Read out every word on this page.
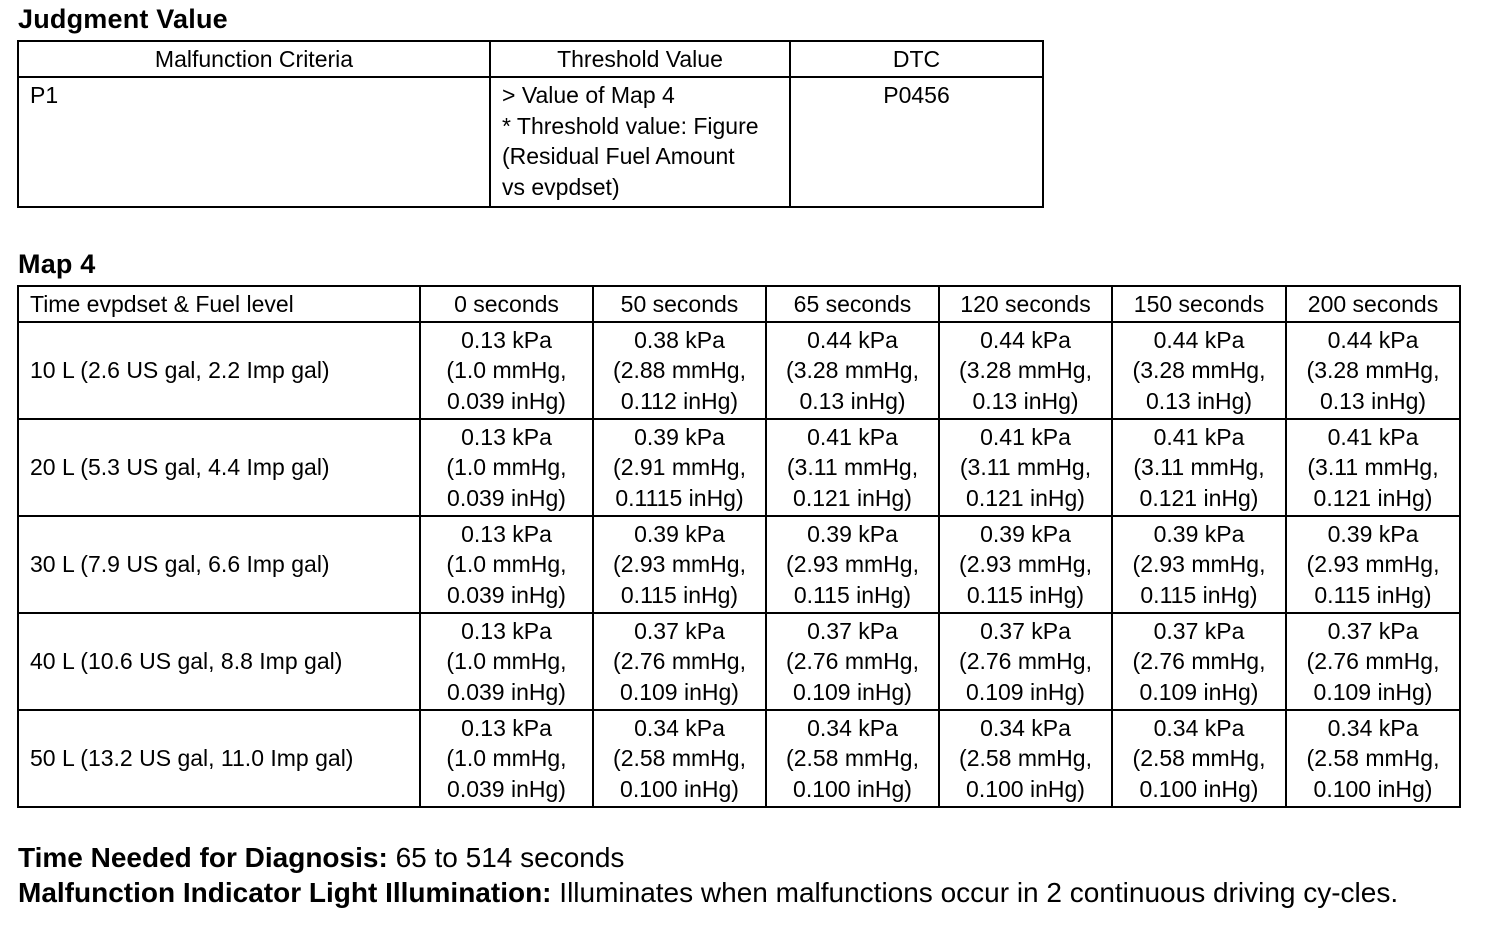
Judgment Value
Malfunction Criteria	Threshold Value	DTC
P1	> Value of Map 4
* Threshold value: Figure
(Residual Fuel Amount
vs evpdset)	P0456
Map 4
Time evpdset & Fuel level	0 seconds	50 seconds	65 seconds	120 seconds	150 seconds	200 seconds
10 L (2.6 US gal, 2.2 Imp gal)	0.13 kPa
(1.0 mmHg,
0.039 inHg)	0.38 kPa
(2.88 mmHg,
0.112 inHg)	0.44 kPa
(3.28 mmHg,
0.13 inHg)	0.44 kPa
(3.28 mmHg,
0.13 inHg)	0.44 kPa
(3.28 mmHg,
0.13 inHg)	0.44 kPa
(3.28 mmHg,
0.13 inHg)
20 L (5.3 US gal, 4.4 Imp gal)	0.13 kPa
(1.0 mmHg,
0.039 inHg)	0.39 kPa
(2.91 mmHg,
0.1115 inHg)	0.41 kPa
(3.11 mmHg,
0.121 inHg)	0.41 kPa
(3.11 mmHg,
0.121 inHg)	0.41 kPa
(3.11 mmHg,
0.121 inHg)	0.41 kPa
(3.11 mmHg,
0.121 inHg)
30 L (7.9 US gal, 6.6 Imp gal)	0.13 kPa
(1.0 mmHg,
0.039 inHg)	0.39 kPa
(2.93 mmHg,
0.115 inHg)	0.39 kPa
(2.93 mmHg,
0.115 inHg)	0.39 kPa
(2.93 mmHg,
0.115 inHg)	0.39 kPa
(2.93 mmHg,
0.115 inHg)	0.39 kPa
(2.93 mmHg,
0.115 inHg)
40 L (10.6 US gal, 8.8 Imp gal)	0.13 kPa
(1.0 mmHg,
0.039 inHg)	0.37 kPa
(2.76 mmHg,
0.109 inHg)	0.37 kPa
(2.76 mmHg,
0.109 inHg)	0.37 kPa
(2.76 mmHg,
0.109 inHg)	0.37 kPa
(2.76 mmHg,
0.109 inHg)	0.37 kPa
(2.76 mmHg,
0.109 inHg)
50 L (13.2 US gal, 11.0 Imp gal)	0.13 kPa
(1.0 mmHg,
0.039 inHg)	0.34 kPa
(2.58 mmHg,
0.100 inHg)	0.34 kPa
(2.58 mmHg,
0.100 inHg)	0.34 kPa
(2.58 mmHg,
0.100 inHg)	0.34 kPa
(2.58 mmHg,
0.100 inHg)	0.34 kPa
(2.58 mmHg,
0.100 inHg)

Time Needed for Diagnosis: 65 to 514 seconds

Malfunction Indicator Light Illumination: Illuminates when malfunctions occur in 2 continuous driving cy-cles.
